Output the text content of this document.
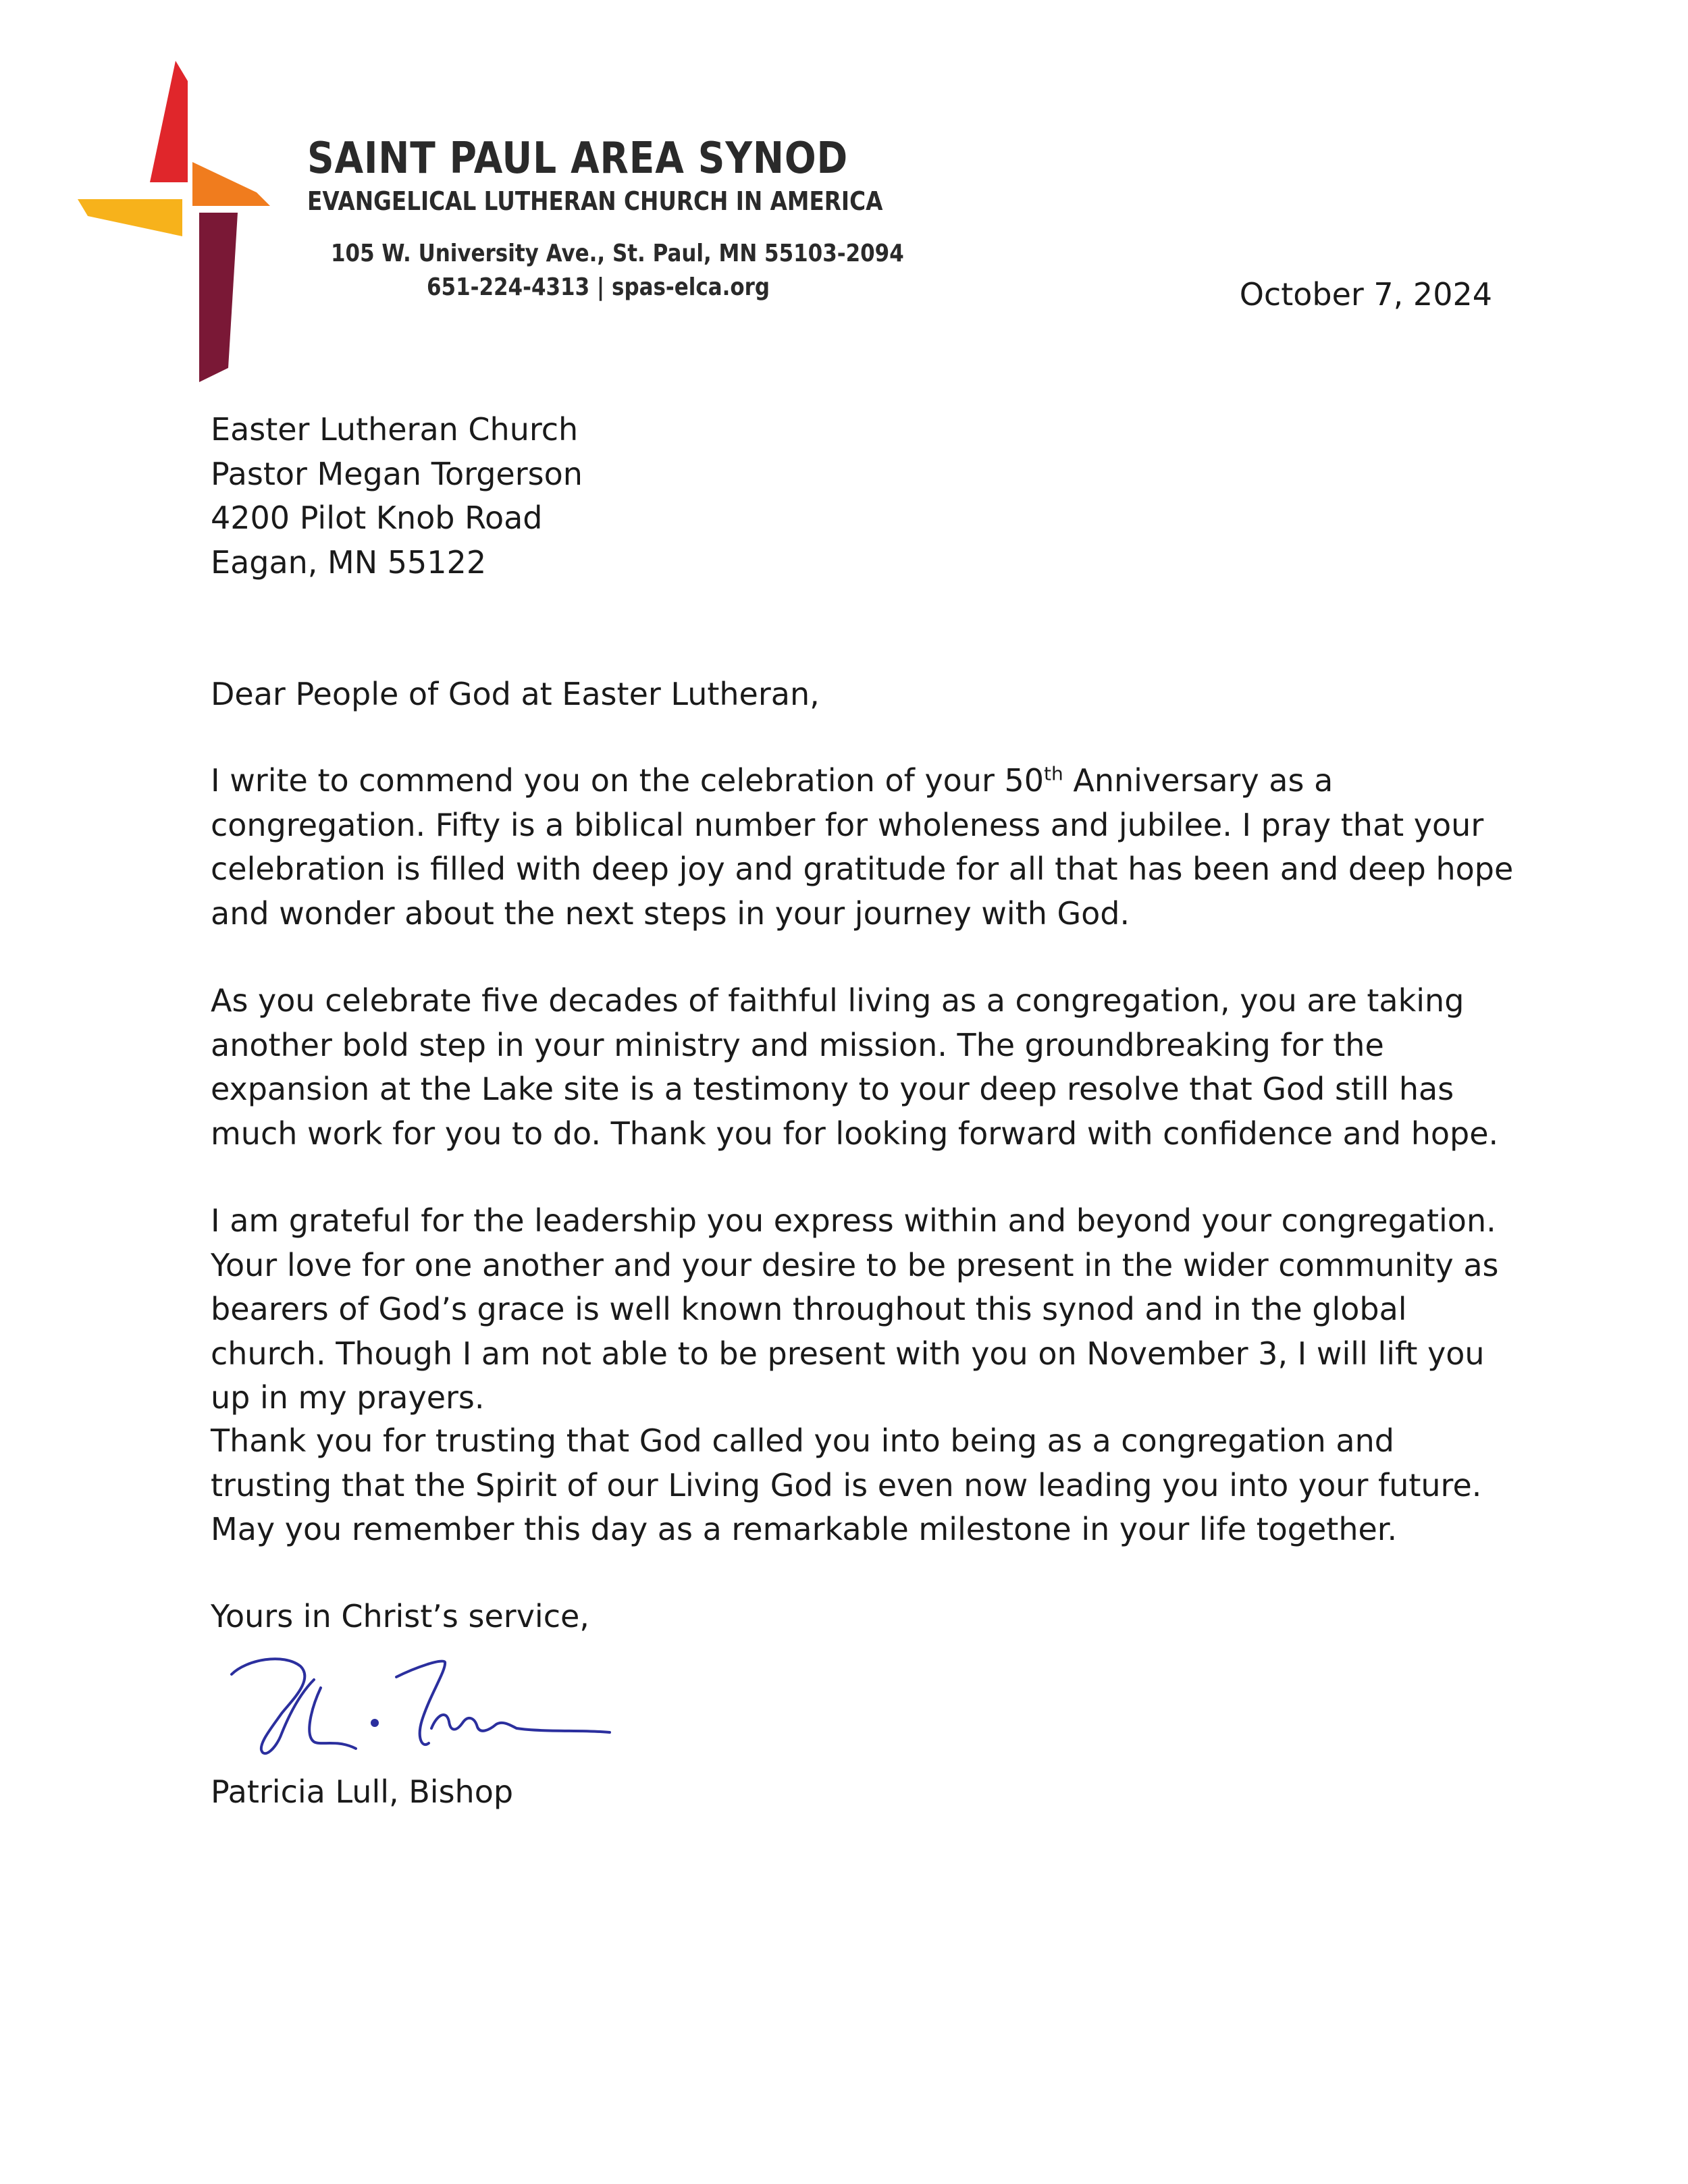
SAINT PAUL AREA SYNOD
EVANGELICAL LUTHERAN CHURCH IN AMERICA
105 W. University Ave., St. Paul, MN 55103-2094
651-224-4313 | spas-elca.org	October 7, 2024
Easter Lutheran Church
Pastor Megan Torgerson
4200 Pilot Knob Road
Eagan, MN 55122
Dear People of God at Easter Lutheran,

I write to commend you on the celebration of your 50th Anniversary as a congregation. Fifty is a biblical number for wholeness and jubilee. I pray that your celebration is filled with deep joy and gratitude for all that has been and deep hope and wonder about the next steps in your journey with God.

As you celebrate five decades of faithful living as a congregation, you are taking another bold step in your ministry and mission. The groundbreaking for the expansion at the Lake site is a testimony to your deep resolve that God still has much work for you to do. Thank you for looking forward with confidence and hope.

I am grateful for the leadership you express within and beyond your congregation. Your love for one another and your desire to be present in the wider community as bearers of God’s grace is well known throughout this synod and in the global church. Though I am not able to be present with you on November 3, I will lift you up in my prayers.

Thank you for trusting that God called you into being as a congregation and trusting that the Spirit of our Living God is even now leading you into your future. May you remember this day as a remarkable milestone in your life together.

Yours in Christ’s service,
Patricia Lull, Bishop
